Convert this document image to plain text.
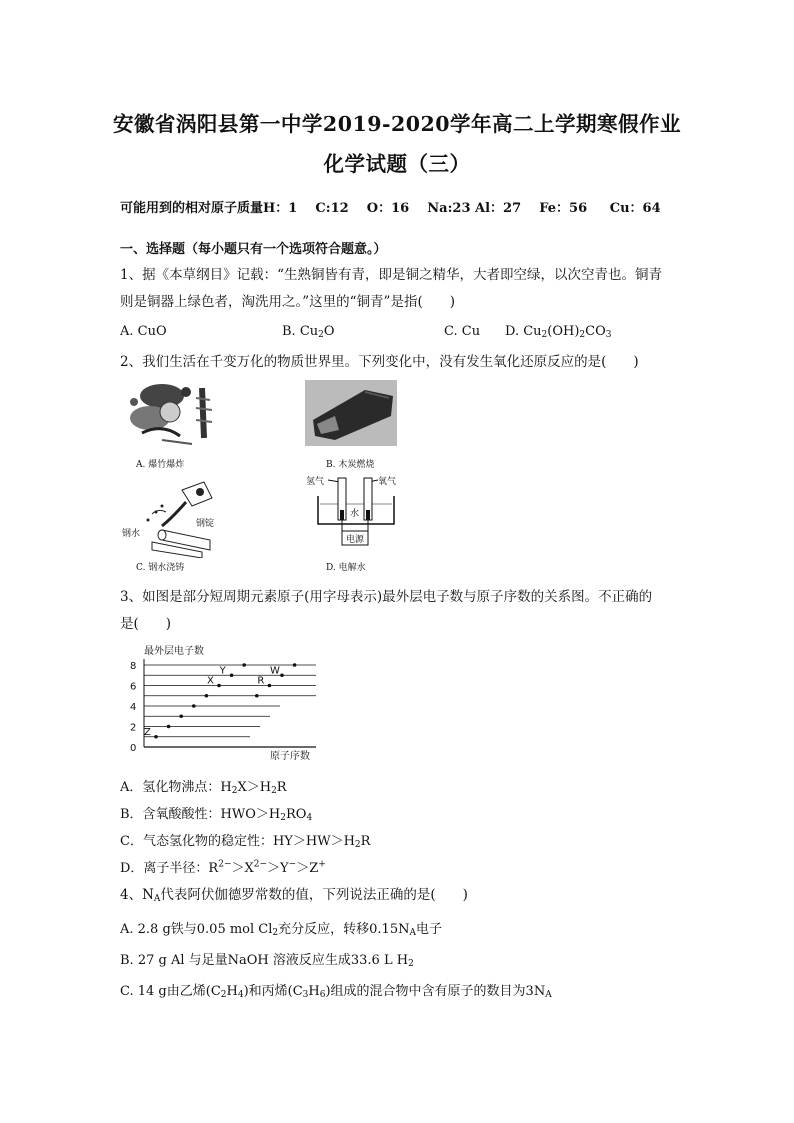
安徽省涡阳县第一中学2019-2020学年高二上学期寒假作业
化学试题（三）
可能用到的相对原子质量H：1    C:12    O：16    Na:23 Al：27    Fe：56     Cu：64
一、选择题（每小题只有一个选项符合题意。）
1、据《本草纲目》记载：“生熟铜皆有青，即是铜之精华，大者即空绿，以次空青也。铜青
则是铜器上绿色者，淘洗用之。”这里的“铜青”是指(　　)
A. CuO	B. $Cu_2O$	C. Cu D. $Cu_2(OH)_2CO_3$
2、我们生活在千变万化的物质世界里。下列变化中，没有发生氧化还原反应的是(　　)
A. 爆竹爆炸	B. 木炭燃烧
钢水
钢锭
C. 钢水浇铸
氢气	氧气
水
电源
D. 电解水
3、如图是部分短周期元素原子(用字母表示)最外层电子数与原子序数的关系图。不正确的
是(　　)
最外层电子数
原子序数
0
2
4
6
8
Z
X
Y
R
W
A．氢化物沸点：$H_2X>H_2R$
B．含氧酸酸性：$HWO>H_2RO_4$
C．气态氢化物的稳定性：$HY>HW>H_2R$
D．离子半径：$R^{2-}>X^{2-}>Y^->Z^+$
4、$N_A$代表阿伏伽德罗常数的值，下列说法正确的是(　　)
A. 2.8 g铁与0.05 mol $Cl_2$充分反应，转移$0.15N_A$电子
B. 27 g Al 与足量NaOH 溶液反应生成33.6 L $H_2$
C. 14 g由乙烯$(C_2H_4)$和丙烯$(C_3H_6)$组成的混合物中含有原子的数目为$3N_A$
